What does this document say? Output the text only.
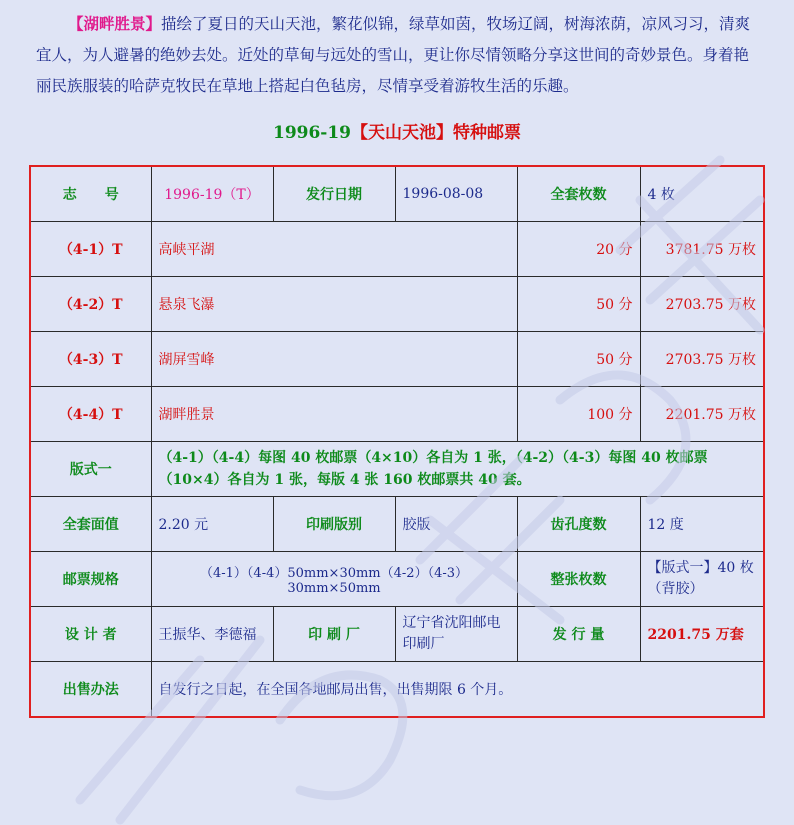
【湖畔胜景】描绘了夏日的天山天池，繁花似锦，绿草如茵，牧场辽阔，树海浓荫，凉风习习，清爽宜人，为人避暑的绝妙去处。近处的草甸与远处的雪山，更让你尽情领略分享这世间的奇妙景色。身着艳丽民族服装的哈萨克牧民在草地上搭起白色毡房，尽情享受着游牧生活的乐趣。

1996-19【天山天池】特种邮票
志　　号	1996-19（T）	发行日期	1996-08-08	全套枚数	4 枚
（4-1）T	高峡平湖			20 分	3781.75 万枚
（4-2）T	悬泉飞瀑			50 分	2703.75 万枚
（4-3）T	湖屏雪峰			50 分	2703.75 万枚
（4-4）T	湖畔胜景			100 分	2201.75 万枚
版式一	（4-1）（4-4）每图 40 枚邮票（4×10）各自为 1 张，（4-2）（4-3）每图 40 枚邮票（10×4）各自为 1 张，每版 4 张 160 枚邮票共 40 套。				
全套面值	2.20 元	印刷版别	胶版	齿孔度数	12 度
邮票规格	（4-1）（4-4）50mm×30mm（4-2）（4-3）30mm×50mm			整张枚数	【版式一】40 枚（背胶）
设 计 者	王振华、李德福	印 刷 厂	辽宁省沈阳邮电印刷厂	发 行 量	2201.75 万套
出售办法	自发行之日起，在全国各地邮局出售，出售期限 6 个月。				
